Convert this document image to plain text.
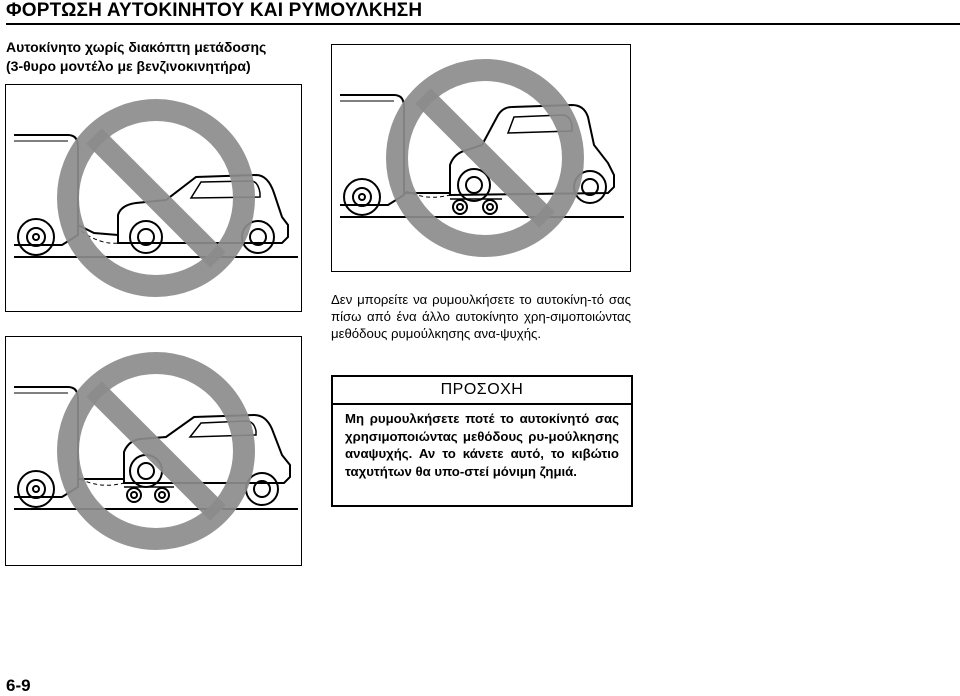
ΦΟΡΤΩΣΗ ΑΥΤΟΚΙΝΗΤΟΥ ΚΑΙ ΡΥΜΟΥΛΚΗΣΗ
Αυτοκίνητο χωρίς διακόπτη μετάδοσης
(3-θυρο μοντέλο με βενζινοκινητήρα)
Δεν μπορείτε να ρυμουλκήσετε το αυτοκίνη-τό σας πίσω από ένα άλλο αυτοκίνητο χρη-σιμοποιώντας μεθόδους ρυμούλκησης ανα-ψυχής.
ΠΡΟΣΟΧΗ
Μη ρυμουλκήσετε ποτέ το αυτοκίνητό σας χρησιμοποιώντας μεθόδους ρυ-μούλκησης αναψυχής. Αν το κάνετε αυτό, το κιβώτιο ταχυτήτων θα υπο-στεί μόνιμη ζημιά.
6-9
